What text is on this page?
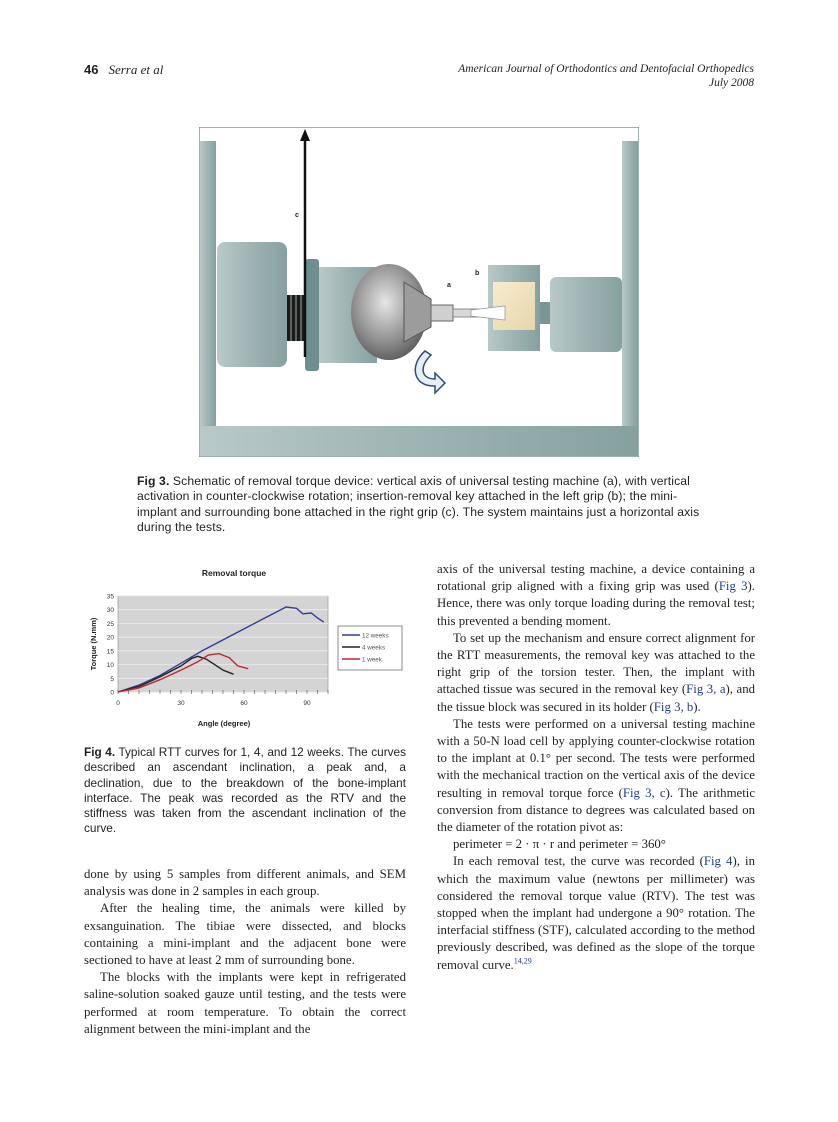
46 Serra et al	American Journal of Orthodontics and Dentofacial Orthopedics
July 2008
c
b
a
Fig 3. Schematic of removal torque device: vertical axis of universal testing machine (a), with vertical activation in counter-clockwise rotation; insertion-removal key attached in the left grip (b); the mini-implant and surrounding bone attached in the right grip (c). The system maintains just a horizontal axis during the tests.
Removal torque
0
5
10
15
20
25
30
35
0	30	60	90
Torque (N.mm)
Angle (degree)
12 weeks
4 weeks
1 week
Fig 4. Typical RTT curves for 1, 4, and 12 weeks. The curves described an ascendant inclination, a peak and, a declination, due to the breakdown of the bone-implant interface. The peak was recorded as the RTV and the stiffness was taken from the ascendant inclination of the curve.

done by using 5 samples from different animals, and SEM analysis was done in 2 samples in each group.

After the healing time, the animals were killed by exsanguination. The tibiae were dissected, and blocks containing a mini-implant and the adjacent bone were sectioned to have at least 2 mm of surrounding bone.

The blocks with the implants were kept in refrigerated saline-solution soaked gauze until testing, and the tests were performed at room temperature. To obtain the correct alignment between the mini-implant and the

axis of the universal testing machine, a device containing a rotational grip aligned with a fixing grip was used (Fig 3). Hence, there was only torque loading during the removal test; this prevented a bending moment.

To set up the mechanism and ensure correct alignment for the RTT measurements, the removal key was attached to the right grip of the torsion tester. Then, the implant with attached tissue was secured in the removal key (Fig 3, a), and the tissue block was secured in its holder (Fig 3, b).

The tests were performed on a universal testing machine with a 50-N load cell by applying counter-clockwise rotation to the implant at 0.1° per second. The tests were performed with the mechanical traction on the vertical axis of the device resulting in removal torque force (Fig 3, c). The arithmetic conversion from distance to degrees was calculated based on the diameter of the rotation pivot as:

perimeter = 2 · π · r and perimeter = 360°

In each removal test, the curve was recorded (Fig 4), in which the maximum value (newtons per millimeter) was considered the removal torque value (RTV). The test was stopped when the implant had undergone a 90° rotation. The interfacial stiffness (STF), calculated according to the method previously described, was defined as the slope of the torque removal curve.$^{14,29}$
